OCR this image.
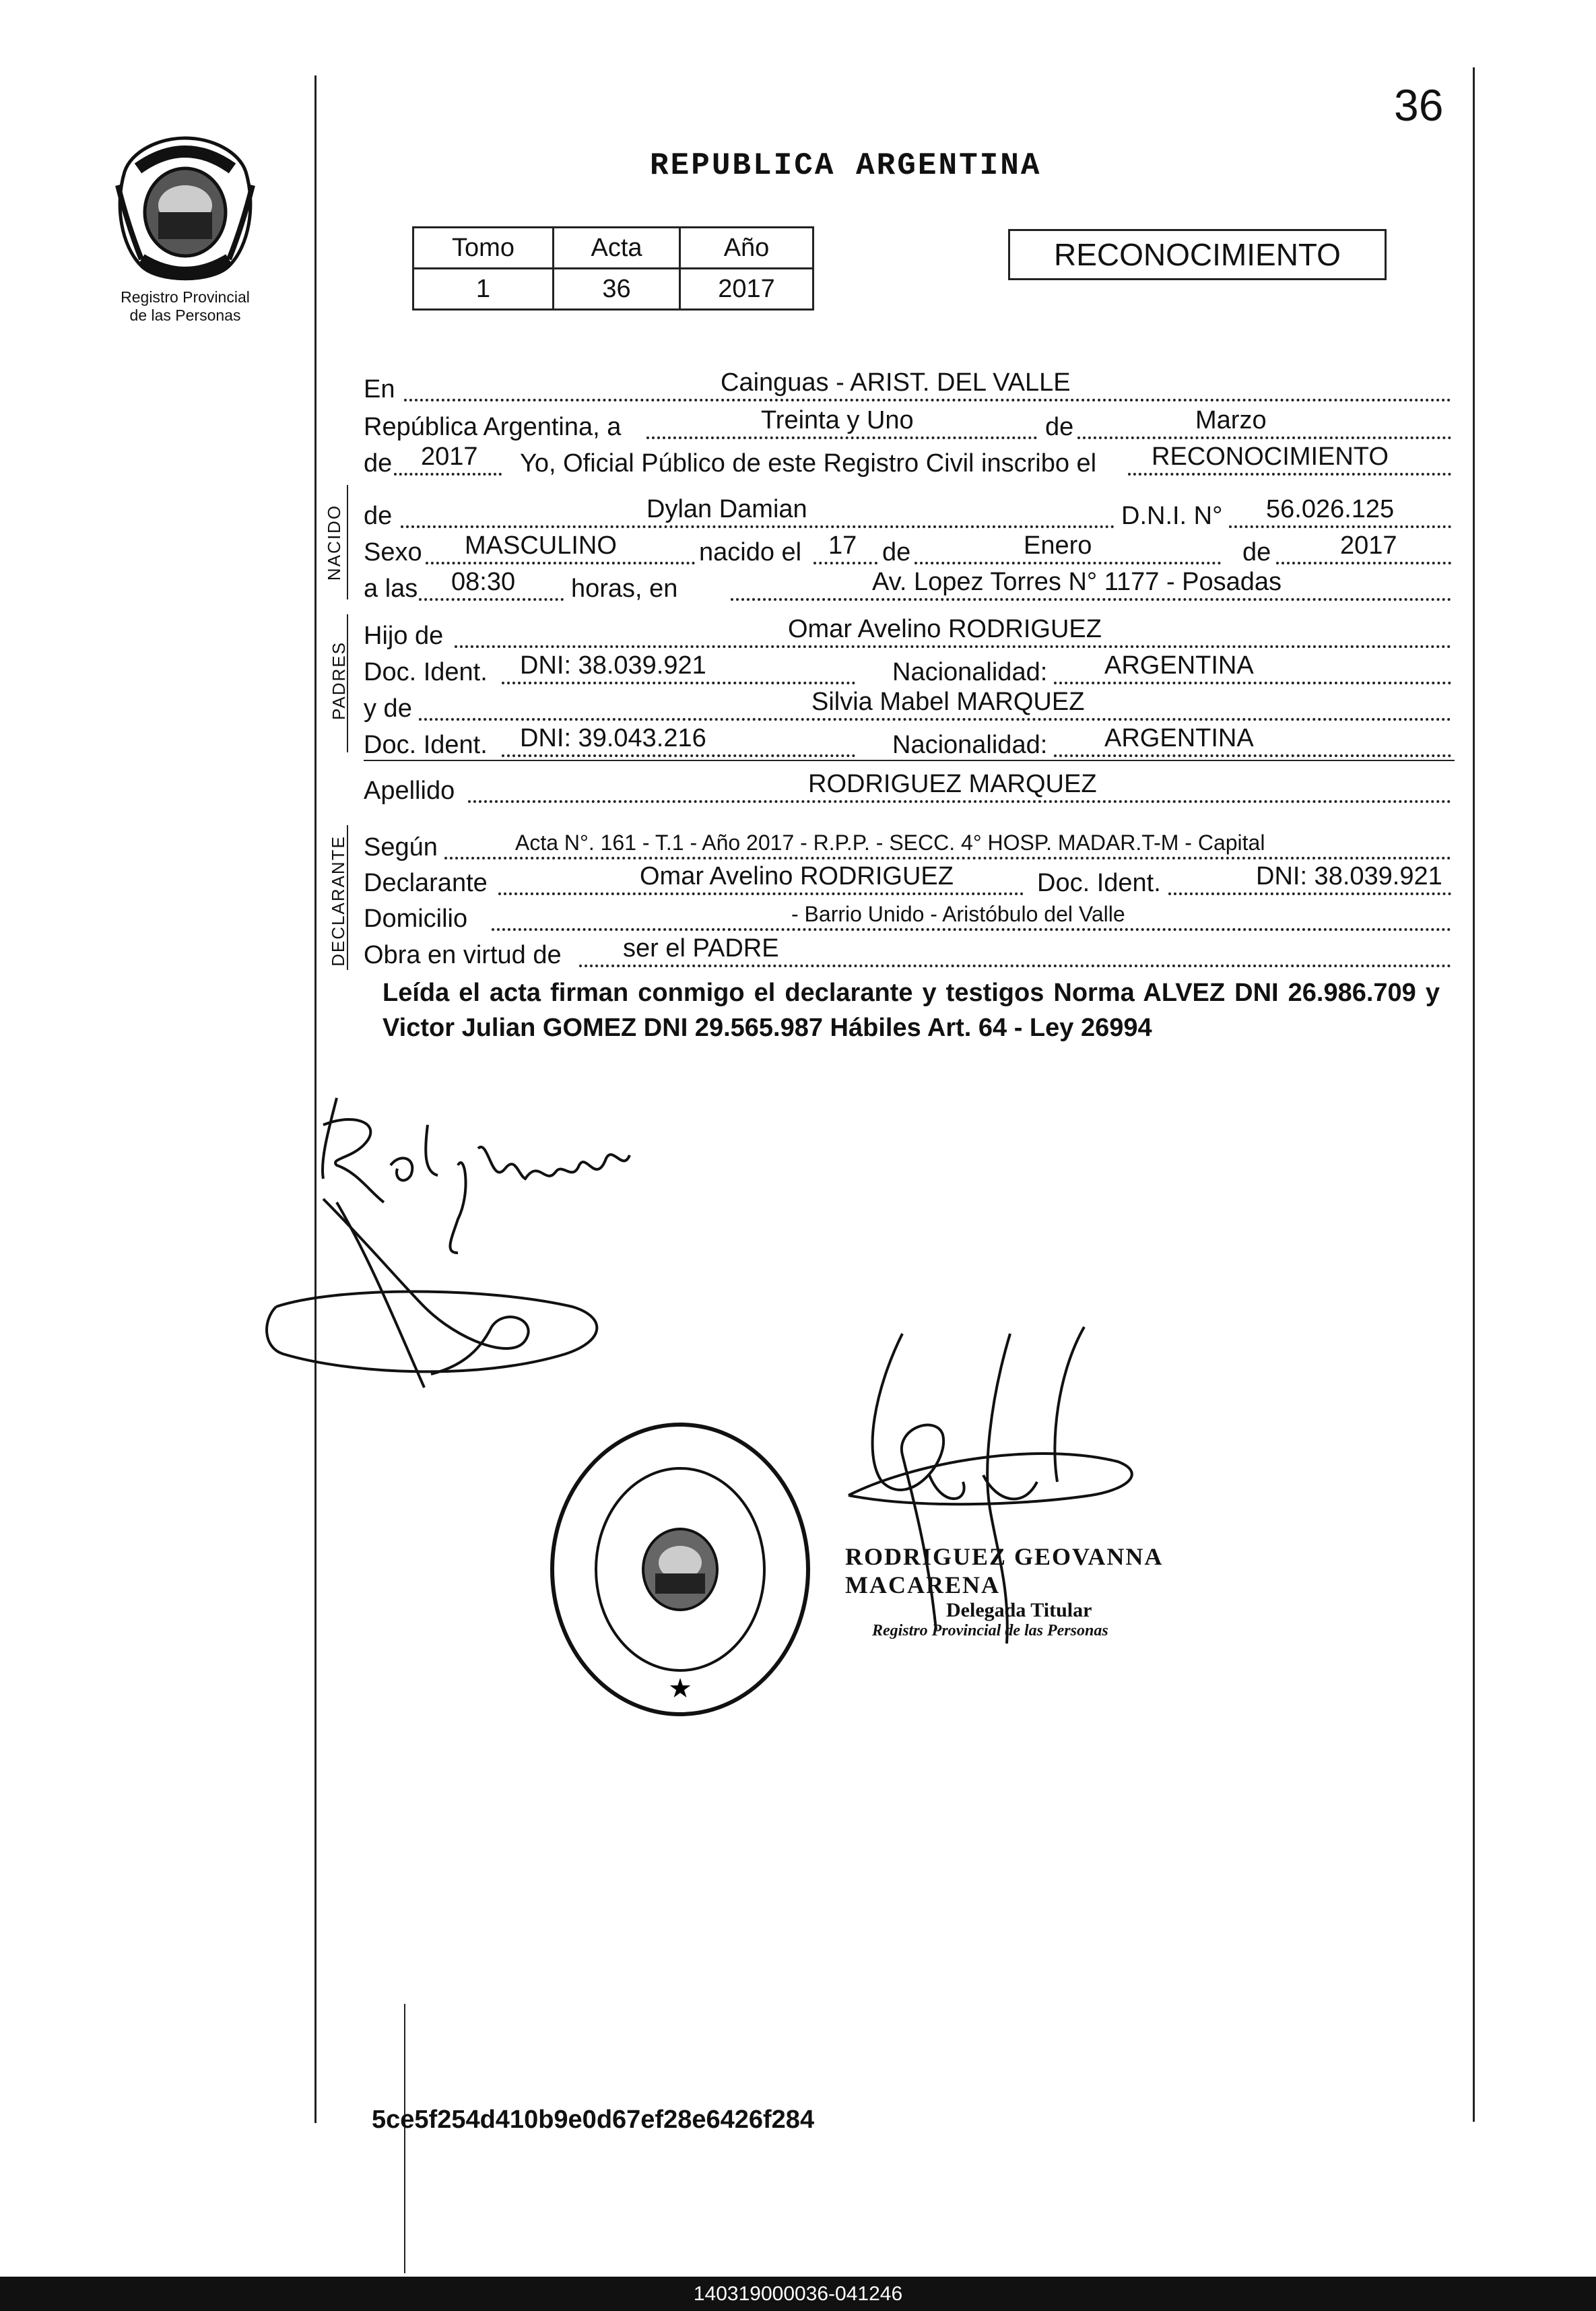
36
REPUBLICA ARGENTINA
Registro Provincial
de las Personas
Tomo	Acta	Año
1	36	2017
RECONOCIMIENTO
En	Cainguas - ARIST. DEL VALLE
República Argentina, a	Treinta y Uno	de	Marzo
de 2017 Yo, Oficial Público de este Registro Civil inscribo el RECONOCIMIENTO
NACIDO de	Dylan Damian	D.N.I. N° 56.026.125
Sexo MASCULINO	nacido el 17 de	Enero	de	2017
a las 08:30 horas, en	Av. Lopez Torres N° 1177 - Posadas
PADRES
Hijo de	Omar Avelino RODRIGUEZ
Doc. Ident. DNI: 38.039.921	Nacionalidad: ARGENTINA
y de	Silvia Mabel MARQUEZ
Doc. Ident. DNI: 39.043.216	Nacionalidad: ARGENTINA
Apellido	RODRIGUEZ MARQUEZ
DECLARANTE Según	Acta N°. 161 - T.1 - Año 2017 - R.P.P. - SECC. 4° HOSP. MADAR.T-M - Capital
Declarante	Omar Avelino RODRIGUEZ	Doc. Ident.	DNI: 38.039.921
Domicilio	- Barrio Unido - Aristóbulo del Valle
Obra en virtud de ser el PADRE
Leída el acta firman conmigo el declarante y testigos Norma ALVEZ DNI 26.986.709 y Victor Julian GOMEZ DNI 29.565.987 Hábiles Art. 64 - Ley 26994
★
RODRIGUEZ GEOVANNA MACARENA
Delegada Titular
Registro Provincial de las Personas
5ce5f254d410b9e0d67ef28e6426f284
140319000036-041246
